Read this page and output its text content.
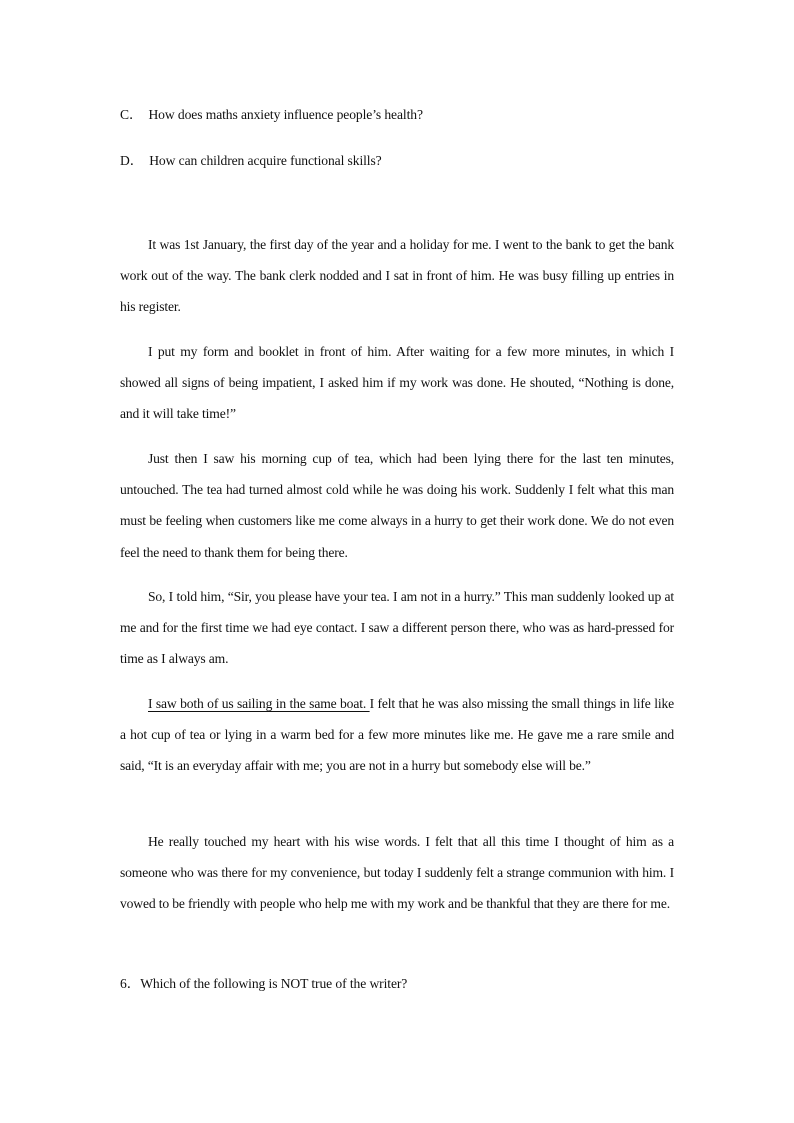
C． How does maths anxiety influence people’s health?
D． How can children acquire functional skills?

It was 1st January, the first day of the year and a holiday for me. I went to the bank to get the bank work out of the way. The bank clerk nodded and I sat in front of him. He was busy filling up entries in his register.

I put my form and booklet in front of him. After waiting for a few more minutes, in which I showed all signs of being impatient, I asked him if my work was done. He shouted, “Nothing is done, and it will take time!”

Just then I saw his morning cup of tea, which had been lying there for the last ten minutes, untouched. The tea had turned almost cold while he was doing his work. Suddenly I felt what this man must be feeling when customers like me come always in a hurry to get their work done. We do not even feel the need to thank them for being there.

So, I told him, “Sir, you please have your tea. I am not in a hurry.” This man suddenly looked up at me and for the first time we had eye contact. I saw a different person there, who was as hard-pressed for time as I always am.

I saw both of us sailing in the same boat. I felt that he was also missing the small things in life like a hot cup of tea or lying in a warm bed for a few more minutes like me. He gave me a rare smile and said, “It is an everyday affair with me; you are not in a hurry but somebody else will be.”

He really touched my heart with his wise words. I felt that all this time I thought of him as a someone who was there for my convenience, but today I suddenly felt a strange communion with him. I vowed to be friendly with people who help me with my work and be thankful that they are there for me.

6．Which of the following is NOT true of the writer?
